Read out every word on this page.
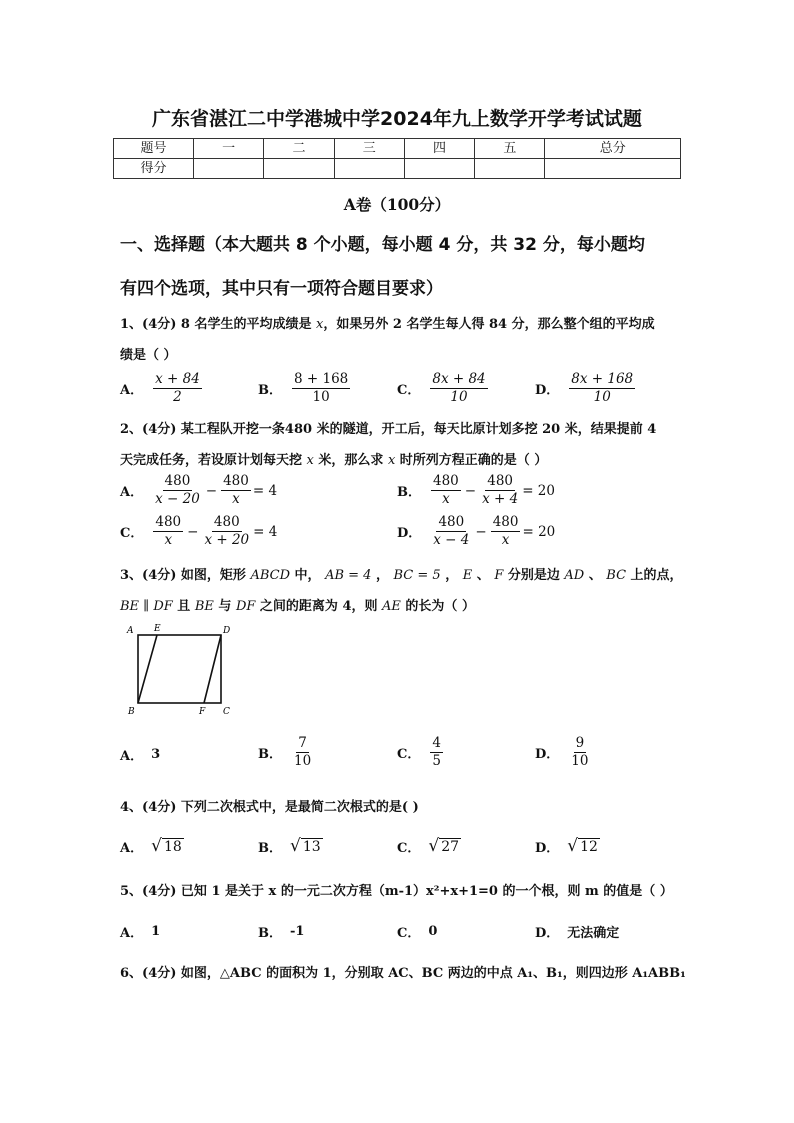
广东省湛江二中学港城中学2024年九上数学开学考试试题
题号	一	二	三	四	五	总分
得分						
A卷（100分）
一、选择题（本大题共 8 个小题，每小题 4 分，共 32 分，每小题均
有四个选项，其中只有一项符合题目要求）
1、(4分) 8 名学生的平均成绩是 x，如果另外 2 名学生每人得 84 分，那么整个组的平均成
绩是（ ）
A． $\frac{x + 84}{2}$	B． $\frac{8 + 168}{10}$	C． $\frac{8x + 84}{10}$	D． $\frac{8x + 168}{10}$
2、(4分) 某工程队开挖一条480 米的隧道，开工后，每天比原计划多挖 20 米，结果提前 4
天完成任务，若设原计划每天挖 x 米，那么求 x 时所列方程正确的是（ ）
A． $\frac{480}{x - 20} - \frac{480}{x} = 4$	B． $\frac{480}{x} - \frac{480}{x + 4} = 20$
C． $\frac{480}{x} - \frac{480}{x + 20} = 4$	D． $\frac{480}{x - 4} - \frac{480}{x} = 20$
3、(4分) 如图，矩形 ABCD 中， AB = 4 ， BC = 5 ， E 、 F 分别是边 AD 、 BC 上的点，
BE ∥ DF 且 BE 与 DF 之间的距离为 4，则 AE 的长为（ ）
A E	D
B	F C
A． 3	B． $\frac{7}{10}$	C． $\frac{4}{5}$	D． $\frac{9}{10}$
4、(4分) 下列二次根式中，是最简二次根式的是( )
A． √ 18	B． √ 13	C． √ 27	D． √ 12
5、(4分) 已知 1 是关于 x 的一元二次方程（m-1）x²+x+1=0 的一个根，则 m 的值是（ ）
A． 1	B． -1	C． 0	D． 无法确定
6、(4分) 如图，△ABC 的面积为 1，分别取 AC、BC 两边的中点 A₁、B₁，则四边形 A₁ABB₁
